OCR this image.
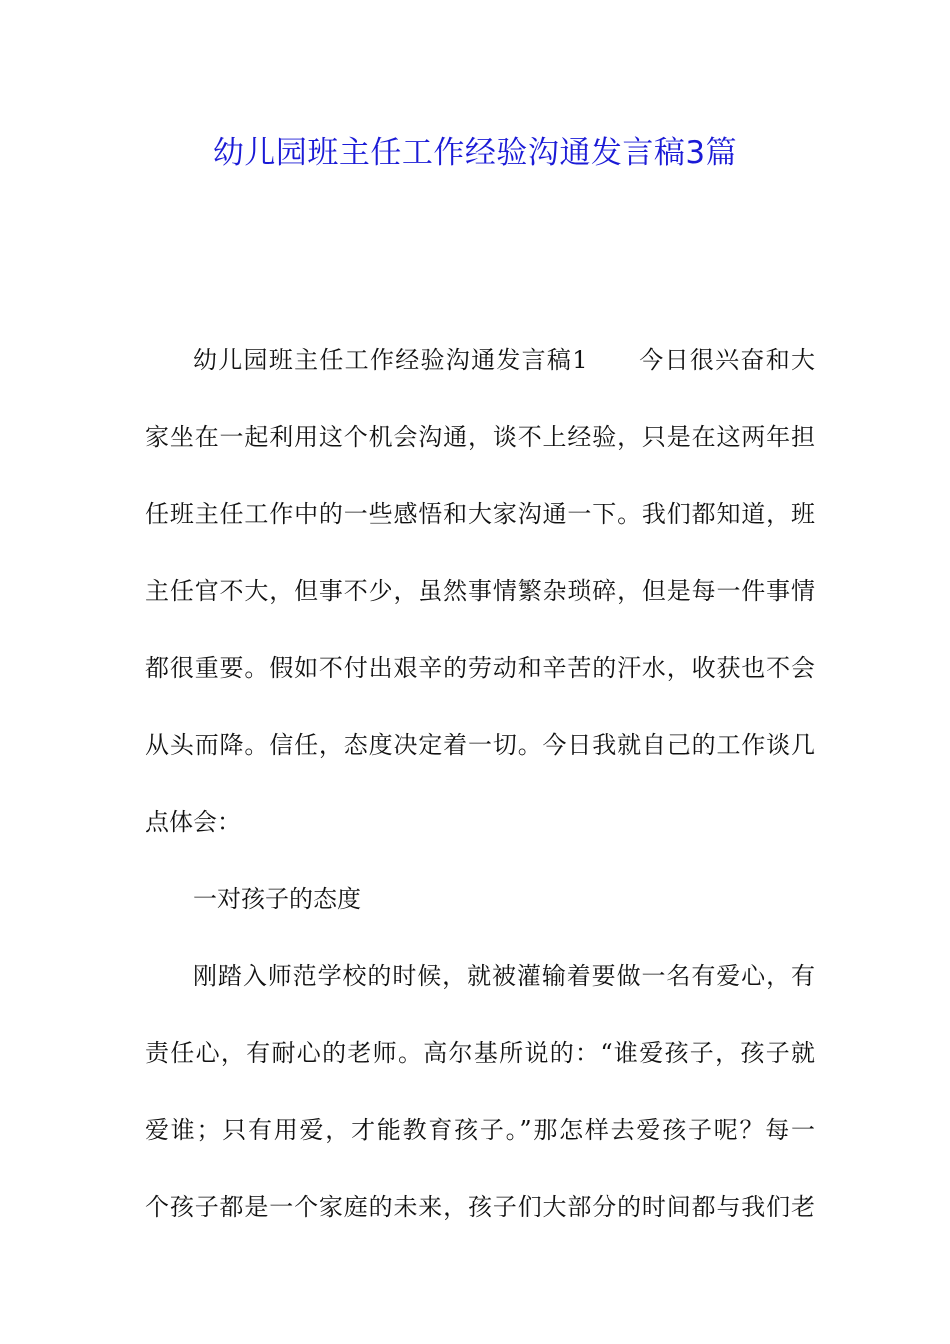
幼儿园班主任工作经验沟通发言稿3篇
幼儿园班主任工作经验沟通发言稿1　　今日很兴奋和大
家坐在一起利用这个机会沟通，谈不上经验，只是在这两年担
任班主任工作中的一些感悟和大家沟通一下。我们都知道，班
主任官不大，但事不少，虽然事情繁杂琐碎，但是每一件事情
都很重要。假如不付出艰辛的劳动和辛苦的汗水，收获也不会
从头而降。信任，态度决定着一切。今日我就自己的工作谈几
点体会：
一对孩子的态度
刚踏入师范学校的时候，就被灌输着要做一名有爱心，有
责任心，有耐心的老师。高尔基所说的：“谁爱孩子，孩子就
爱谁；只有用爱，才能教育孩子。”那怎样去爱孩子呢？每一
个孩子都是一个家庭的未来，孩子们大部分的时间都与我们老
